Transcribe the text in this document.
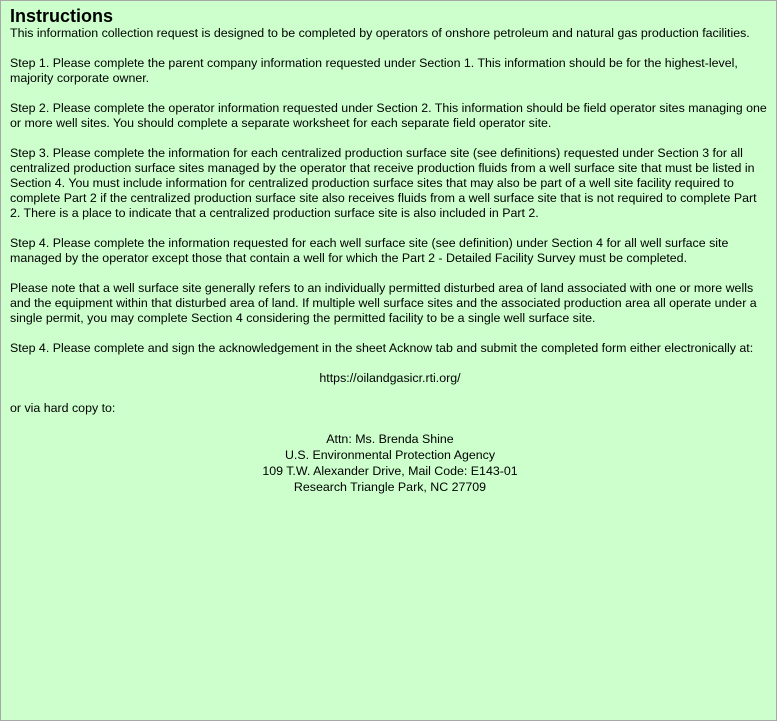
Instructions

This information collection request is designed to be completed by operators of onshore petroleum and natural gas production facilities.

Step 1. Please complete the parent company information requested under Section 1. This information should be for the highest-level, majority corporate owner.

Step 2. Please complete the operator information requested under Section 2. This information should be field operator sites managing one or more well sites. You should complete a separate worksheet for each separate field operator site.

Step 3. Please complete the information for each centralized production surface site (see definitions) requested under Section 3 for all centralized production surface sites managed by the operator that receive production fluids from a well surface site that must be listed in Section 4. You must include information for centralized production surface sites that may also be part of a well site facility required to complete Part 2 if the centralized production surface site also receives fluids from a well surface site that is not required to complete Part 2. There is a place to indicate that a centralized production surface site is also included in Part 2.

Step 4. Please complete the information requested for each well surface site (see definition) under Section 4 for all well surface site managed by the operator except those that contain a well for which the Part 2 - Detailed Facility Survey must be completed.

Please note that a well surface site generally refers to an individually permitted disturbed area of land associated with one or more wells and the equipment within that disturbed area of land. If multiple well surface sites and the associated production area all operate under a single permit, you may complete Section 4 considering the permitted facility to be a single well surface site.

Step 4. Please complete and sign the acknowledgement in the sheet Acknow tab and submit the completed form either electronically at:

https://oilandgasicr.rti.org/

or via hard copy to:

Attn: Ms. Brenda Shine
U.S. Environmental Protection Agency
109 T.W. Alexander Drive, Mail Code: E143-01
Research Triangle Park, NC 27709
